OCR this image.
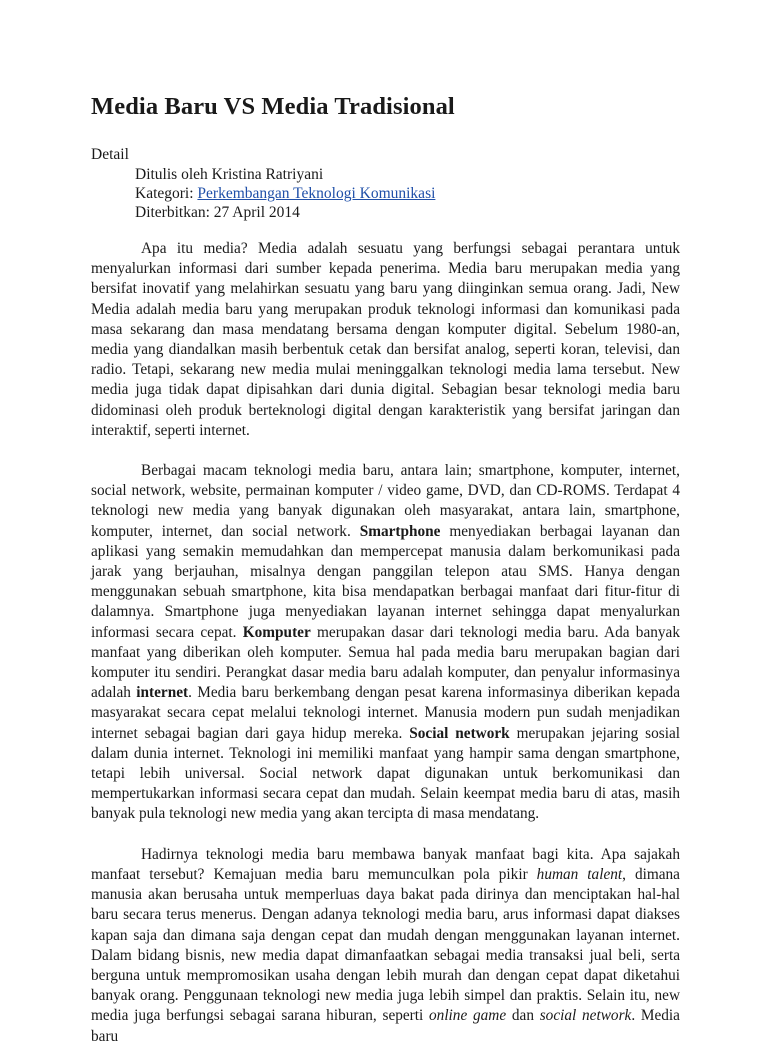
Media Baru VS Media Tradisional
Detail
Ditulis oleh Kristina Ratriyani
Kategori: Perkembangan Teknologi Komunikasi
Diterbitkan: 27 April 2014

Apa itu media? Media adalah sesuatu yang berfungsi sebagai perantara untuk menyalurkan informasi dari sumber kepada penerima. Media baru merupakan media yang bersifat inovatif yang melahirkan sesuatu yang baru yang diinginkan semua orang. Jadi, New Media adalah media baru yang merupakan produk teknologi informasi dan komunikasi pada masa sekarang dan masa mendatang bersama dengan komputer digital. Sebelum 1980-an, media yang diandalkan masih berbentuk cetak dan bersifat analog, seperti koran, televisi, dan radio. Tetapi, sekarang new media mulai meninggalkan teknologi media lama tersebut. New media juga tidak dapat dipisahkan dari dunia digital. Sebagian besar teknologi media baru didominasi oleh produk berteknologi digital dengan karakteristik yang bersifat jaringan dan interaktif, seperti internet.

Berbagai macam teknologi media baru, antara lain; smartphone, komputer, internet, social network, website, permainan komputer / video game, DVD, dan CD-ROMS. Terdapat 4 teknologi new media yang banyak digunakan oleh masyarakat, antara lain, smartphone, komputer, internet, dan social network. Smartphone menyediakan berbagai layanan dan aplikasi yang semakin memudahkan dan mempercepat manusia dalam berkomunikasi pada jarak yang berjauhan, misalnya dengan panggilan telepon atau SMS. Hanya dengan menggunakan sebuah smartphone, kita bisa mendapatkan berbagai manfaat dari fitur-fitur di dalamnya. Smartphone juga menyediakan layanan internet sehingga dapat menyalurkan informasi secara cepat. Komputer merupakan dasar dari teknologi media baru. Ada banyak manfaat yang diberikan oleh komputer. Semua hal pada media baru merupakan bagian dari komputer itu sendiri. Perangkat dasar media baru adalah komputer, dan penyalur informasinya adalah internet. Media baru berkembang dengan pesat karena informasinya diberikan kepada masyarakat secara cepat melalui teknologi internet. Manusia modern pun sudah menjadikan internet sebagai bagian dari gaya hidup mereka. Social network merupakan jejaring sosial dalam dunia internet. Teknologi ini memiliki manfaat yang hampir sama dengan smartphone, tetapi lebih universal. Social network dapat digunakan untuk berkomunikasi dan mempertukarkan informasi secara cepat dan mudah. Selain keempat media baru di atas, masih banyak pula teknologi new media yang akan tercipta di masa mendatang.

Hadirnya teknologi media baru membawa banyak manfaat bagi kita. Apa sajakah manfaat tersebut? Kemajuan media baru memunculkan pola pikir human talent, dimana manusia akan berusaha untuk memperluas daya bakat pada dirinya dan menciptakan hal-hal baru secara terus menerus. Dengan adanya teknologi media baru, arus informasi dapat diakses kapan saja dan dimana saja dengan cepat dan mudah dengan menggunakan layanan internet. Dalam bidang bisnis, new media dapat dimanfaatkan sebagai media transaksi jual beli, serta berguna untuk mempromosikan usaha dengan lebih murah dan dengan cepat dapat diketahui banyak orang. Penggunaan teknologi new media juga lebih simpel dan praktis. Selain itu, new media juga berfungsi sebagai sarana hiburan, seperti online game dan social network. Media baru
